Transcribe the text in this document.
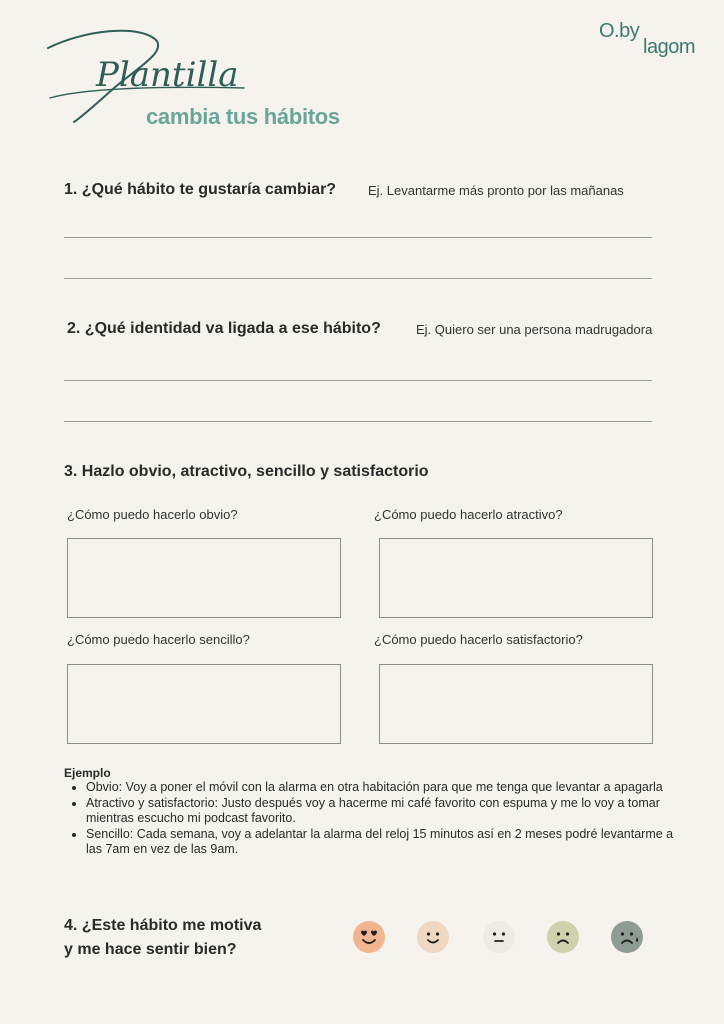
Plantilla
cambia tus hábitos
O.by
lagom
1. ¿Qué hábito te gustaría cambiar? Ej. Levantarme más pronto por las mañanas
2. ¿Qué identidad va ligada a ese hábito?	Ej. Quiero ser una persona madrugadora
3. Hazlo obvio, atractivo, sencillo y satisfactorio
¿Cómo puedo hacerlo obvio?	¿Cómo puedo hacerlo atractivo?
¿Cómo puedo hacerlo sencillo?	¿Cómo puedo hacerlo satisfactorio?
Ejemplo
• Obvio: Voy a poner el móvil con la alarma en otra habitación para que me tenga que levantar a apagarla
• Atractivo y satisfactorio: Justo después voy a hacerme mi café favorito con espuma y me lo voy a tomar mientras escucho mi podcast favorito.
• Sencillo: Cada semana, voy a adelantar la alarma del reloj 15 minutos así en 2 meses podré levantarme a las 7am en vez de las 9am.
4. ¿Este hábito me motiva
y me hace sentir bien?
